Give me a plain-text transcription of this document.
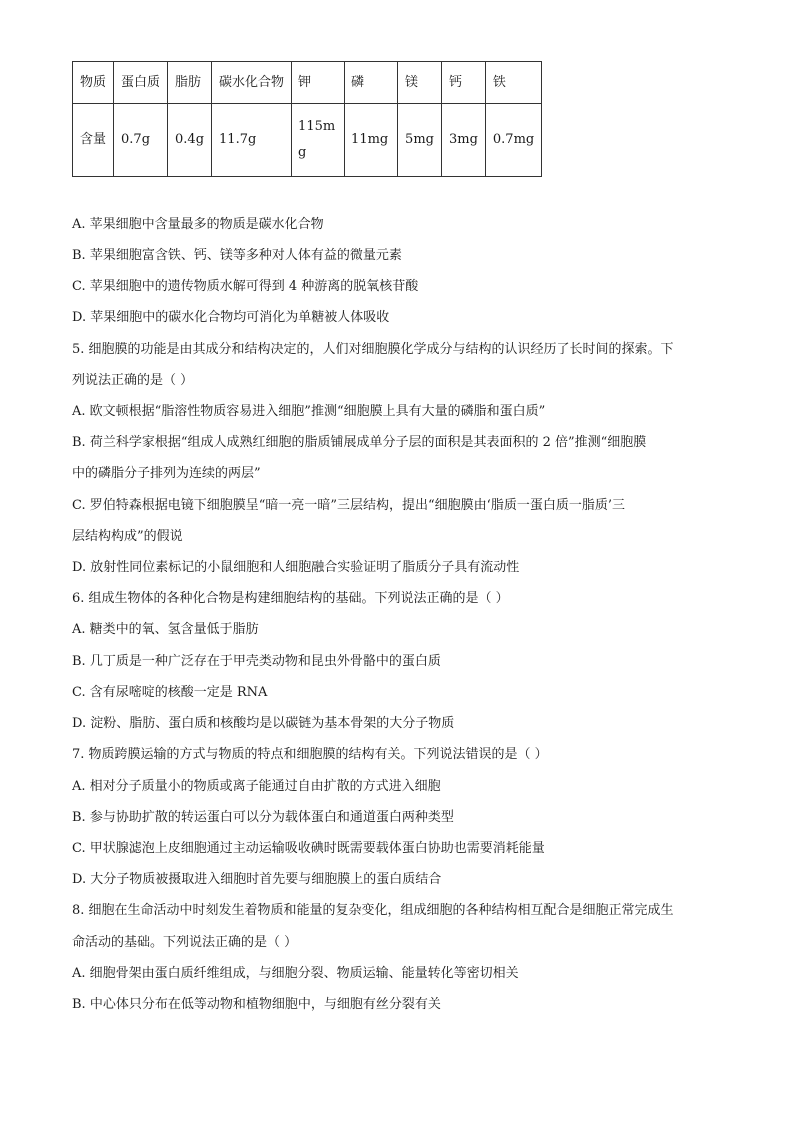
物质	蛋白质	脂肪	碳水化合物	钾	磷	镁	钙	铁
含量	0.7g	0.4g	11.7g	115mg	11mg	5mg	3mg	0.7mg
A. 苹果细胞中含量最多的物质是碳水化合物
B. 苹果细胞富含铁、钙、镁等多种对人体有益的微量元素
C. 苹果细胞中的遗传物质水解可得到 4 种游离的脱氧核苷酸
D. 苹果细胞中的碳水化合物均可消化为单糖被人体吸收
5. 细胞膜的功能是由其成分和结构决定的，人们对细胞膜化学成分与结构的认识经历了长时间的探索。下
列说法正确的是（ ）
A. 欧文顿根据“脂溶性物质容易进入细胞”推测“细胞膜上具有大量的磷脂和蛋白质”
B. 荷兰科学家根据“组成人成熟红细胞的脂质铺展成单分子层的面积是其表面积的 2 倍”推测“细胞膜
中的磷脂分子排列为连续的两层”
C. 罗伯特森根据电镜下细胞膜呈“暗一亮一暗”三层结构，提出“细胞膜由‘脂质一蛋白质一脂质’三
层结构构成”的假说
D. 放射性同位素标记的小鼠细胞和人细胞融合实验证明了脂质分子具有流动性
6. 组成生物体的各种化合物是构建细胞结构的基础。下列说法正确的是（ ）
A. 糖类中的氧、氢含量低于脂肪
B. 几丁质是一种广泛存在于甲壳类动物和昆虫外骨骼中的蛋白质
C. 含有尿嘧啶的核酸一定是 RNA
D. 淀粉、脂肪、蛋白质和核酸均是以碳链为基本骨架的大分子物质
7. 物质跨膜运输的方式与物质的特点和细胞膜的结构有关。下列说法错误的是（ ）
A. 相对分子质量小的物质或离子能通过自由扩散的方式进入细胞
B. 参与协助扩散的转运蛋白可以分为载体蛋白和通道蛋白两种类型
C. 甲状腺滤泡上皮细胞通过主动运输吸收碘时既需要载体蛋白协助也需要消耗能量
D. 大分子物质被摄取进入细胞时首先要与细胞膜上的蛋白质结合
8. 细胞在生命活动中时刻发生着物质和能量的复杂变化，组成细胞的各种结构相互配合是细胞正常完成生
命活动的基础。下列说法正确的是（ ）
A. 细胞骨架由蛋白质纤维组成，与细胞分裂、物质运输、能量转化等密切相关
B. 中心体只分布在低等动物和植物细胞中，与细胞有丝分裂有关
